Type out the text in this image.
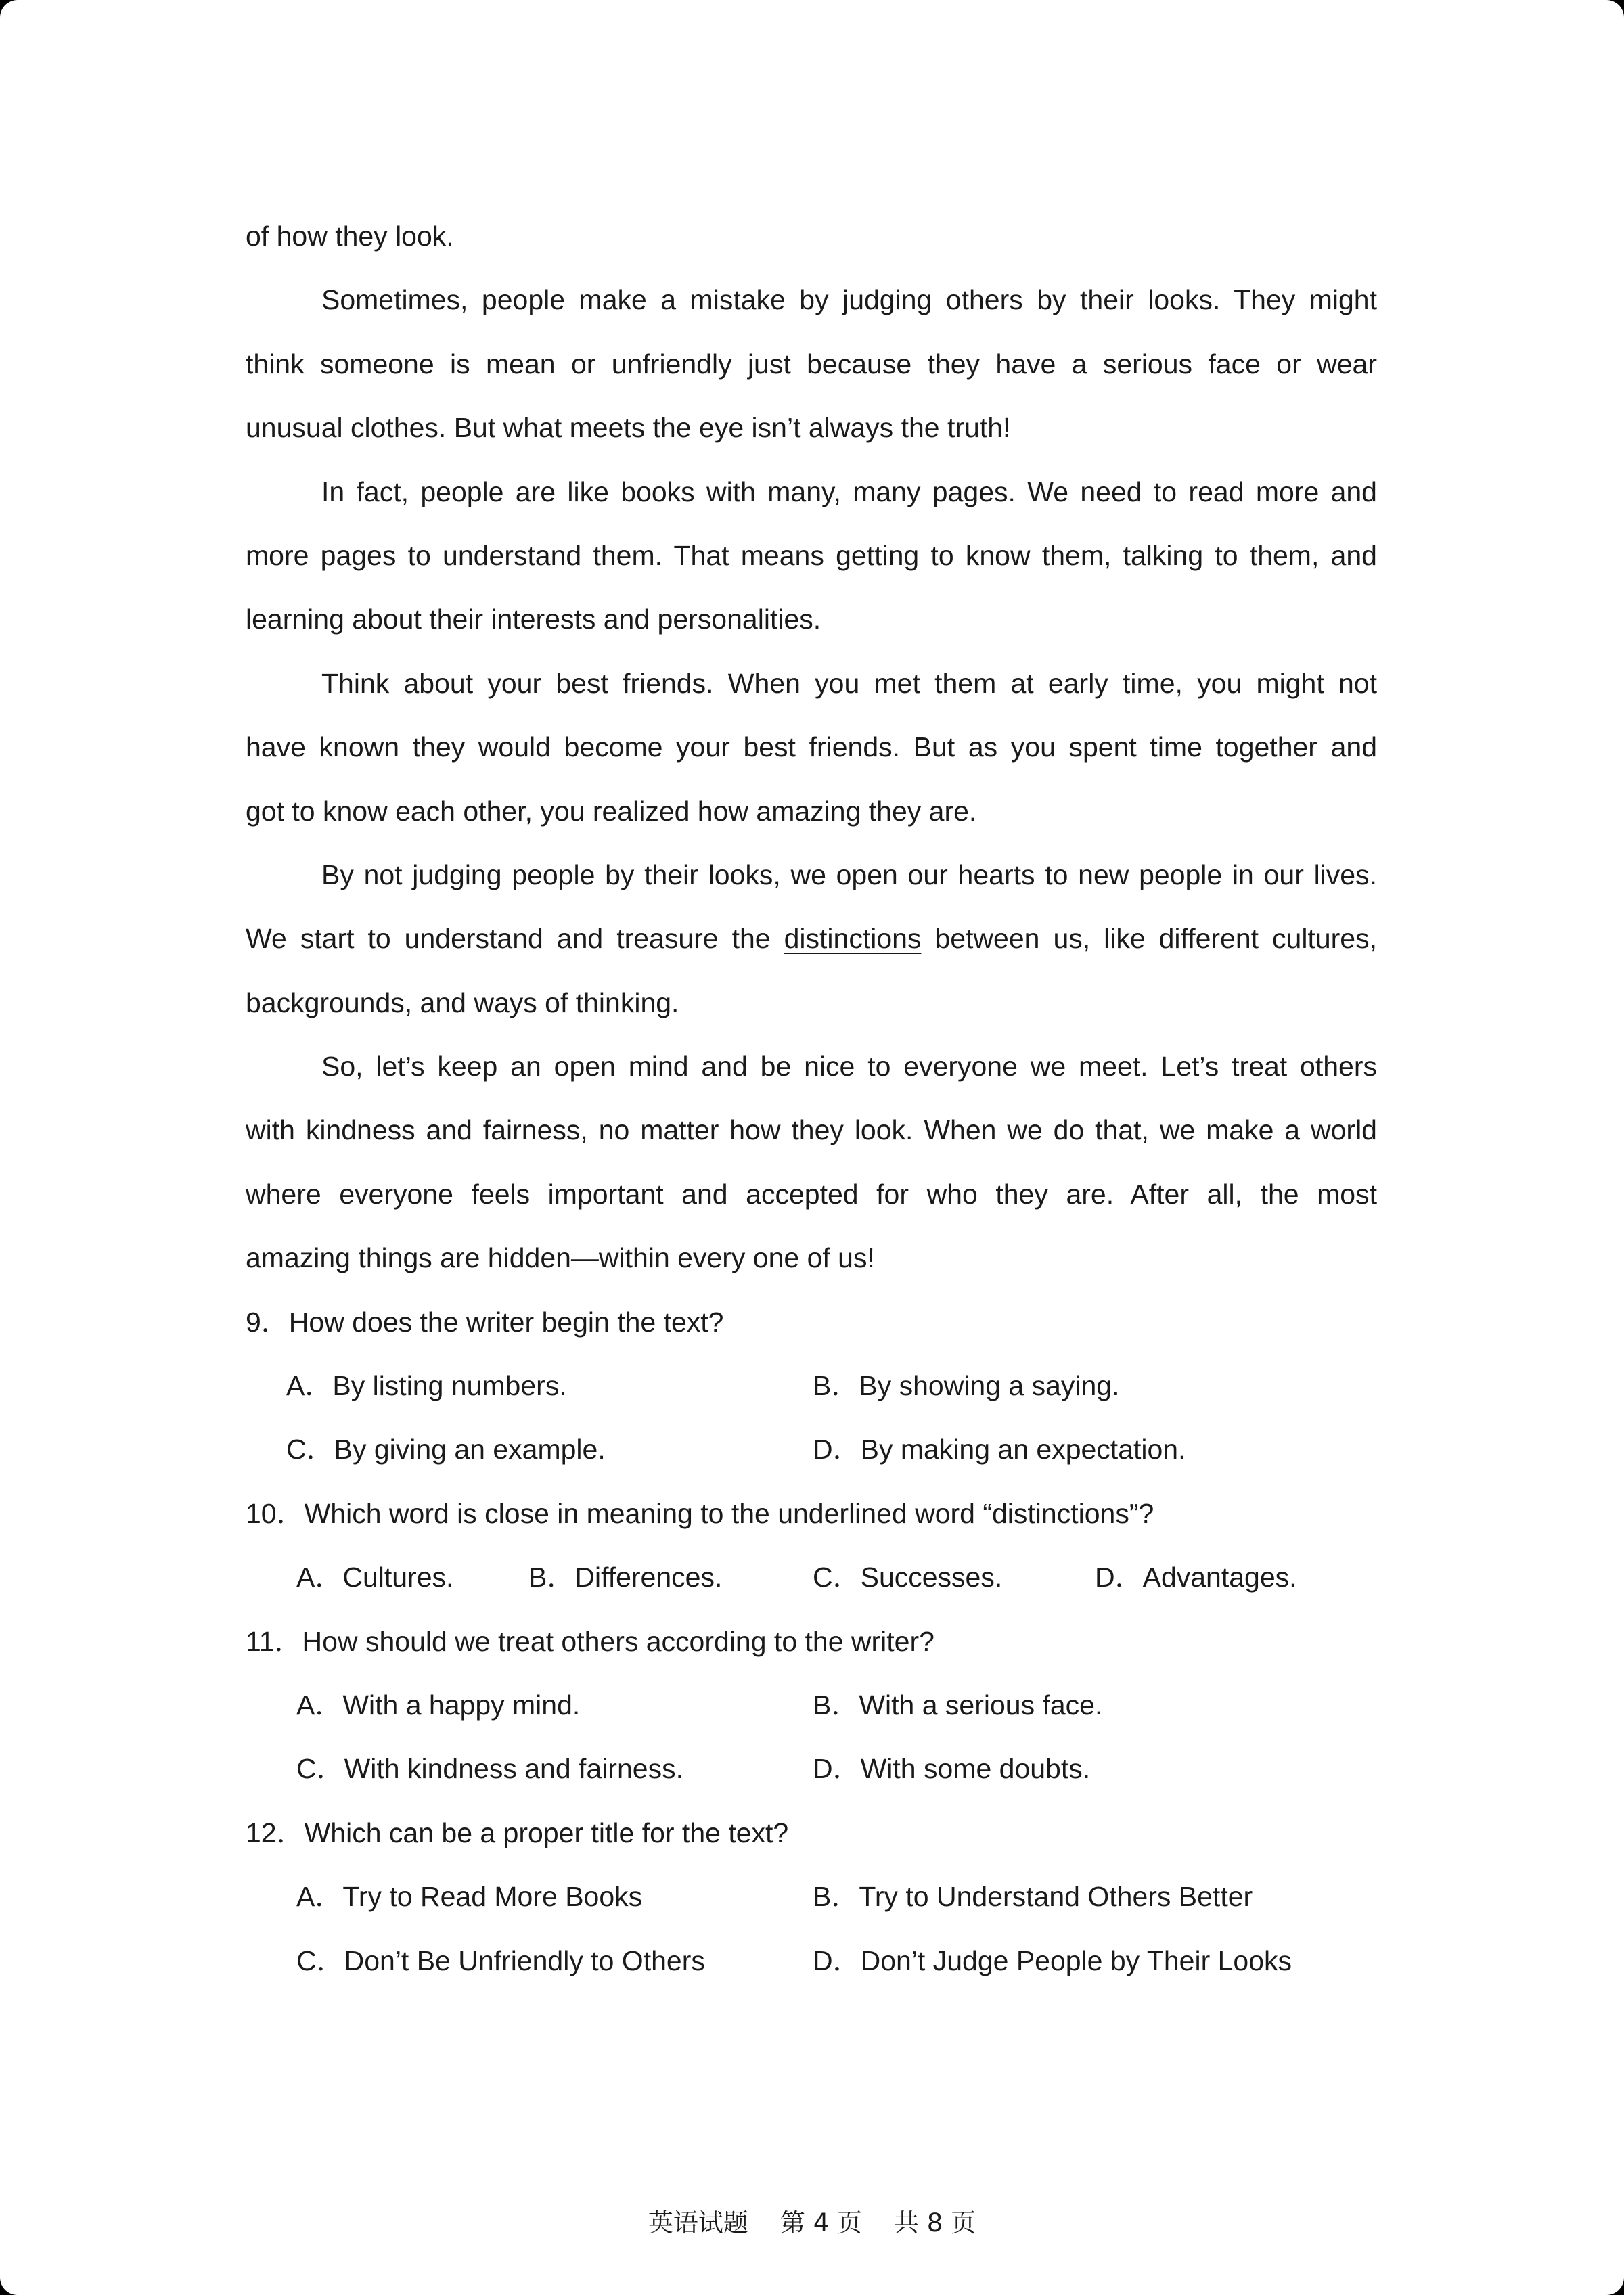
of how they look.

Sometimes, people make a mistake by judging others by their looks. They might

think someone is mean or unfriendly just because they have a serious face or wear

unusual clothes. But what meets the eye isn’t always the truth!

In fact, people are like books with many, many pages. We need to read more and

more pages to understand them. That means getting to know them, talking to them, and

learning about their interests and personalities.

Think about your best friends. When you met them at early time, you might not

have known they would become your best friends. But as you spent time together and

got to know each other, you realized how amazing they are.

By not judging people by their looks, we open our hearts to new people in our lives.

We start to understand and treasure the distinctions between us, like different cultures,

backgrounds, and ways of thinking.

So, let’s keep an open mind and be nice to everyone we meet. Let’s treat others

with kindness and fairness, no matter how they look. When we do that, we make a world

where everyone feels important and accepted for who they are. After all, the most

amazing things are hidden—within every one of us!

9．How does the writer begin the text?
A．By listing numbers.	B．By showing a saying.
C．By giving an example.	D．By making an expectation.
10．Which word is close in meaning to the underlined word “distinctions”?
A．Cultures.	B．Differences.	C．Successes.	D．Advantages.
11．How should we treat others according to the writer?
A．With a happy mind.	B．With a serious face.
C．With kindness and fairness.	D．With some doubts.
12．Which can be a proper title for the text?
A．Try to Read More Books	B．Try to Understand Others Better
C．Don’t Be Unfriendly to Others	D．Don’t Judge People by Their Looks
英语试题    第 4 页    共 8 页
